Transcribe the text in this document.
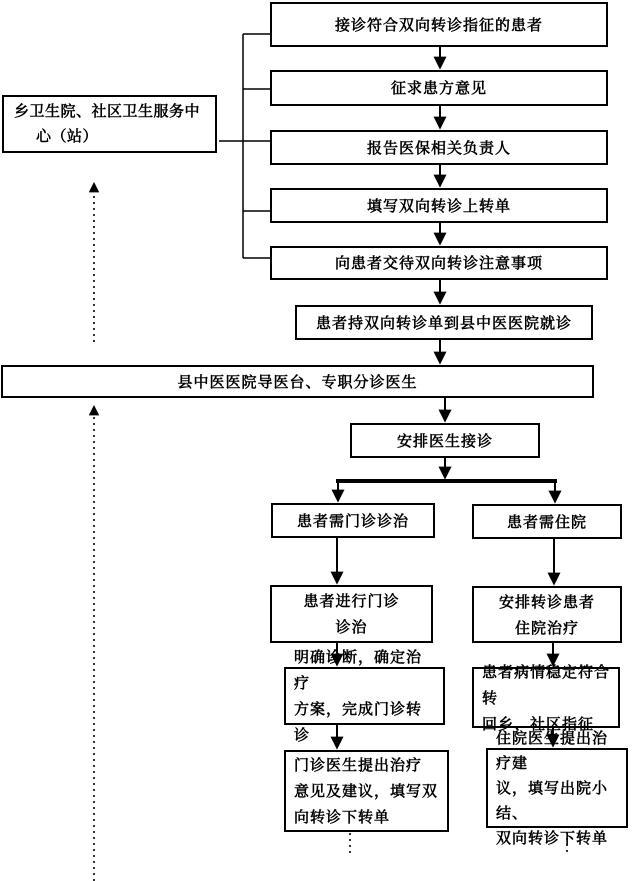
乡卫生院、社区卫生服务中
心（站）
接诊符合双向转诊指征的患者
征求患方意见
报告医保相关负责人
填写双向转诊上转单
向患者交待双向转诊注意事项
患者持双向转诊单到县中医医院就诊
县中医医院导医台、专职分诊医生
安排医生接诊
患者需门诊诊治
患者进行门诊
诊治
明确诊断，确定治疗
方案，完成门诊转诊
门诊医生提出治疗
意见及建议，填写双
向转诊下转单
患者需住院
安排转诊患者
住院治疗
患者病情稳定符合转
回乡、社区指征
住院医生提出治疗建
议，填写出院小结、
双向转诊下转单
